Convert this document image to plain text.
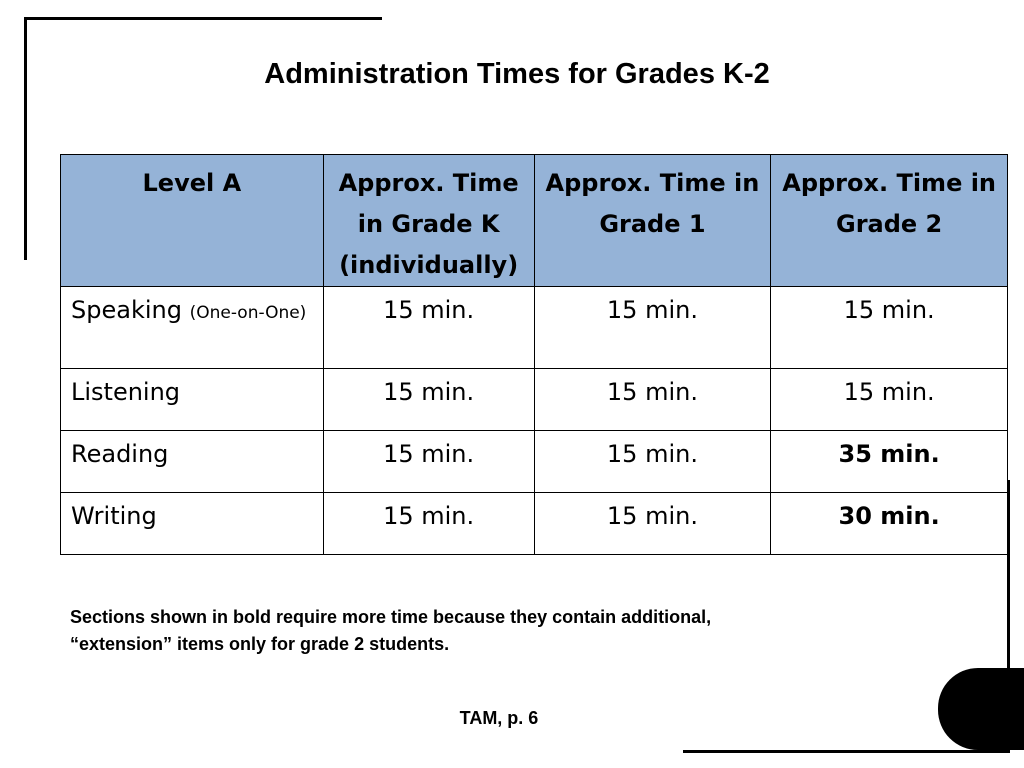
Administration Times for Grades K-2
Level A	Approx. Time in Grade K (individually)	Approx. Time in Grade 1	Approx. Time in Grade 2
Speaking (One-on-One)	15 min.	15 min.	15 min.
Listening	15 min.	15 min.	15 min.
Reading	15 min.	15 min.	35 min.
Writing	15 min.	15 min.	30 min.
Sections shown in bold require more time because they contain additional,
“extension” items only for grade 2 students.
TAM, p. 6
